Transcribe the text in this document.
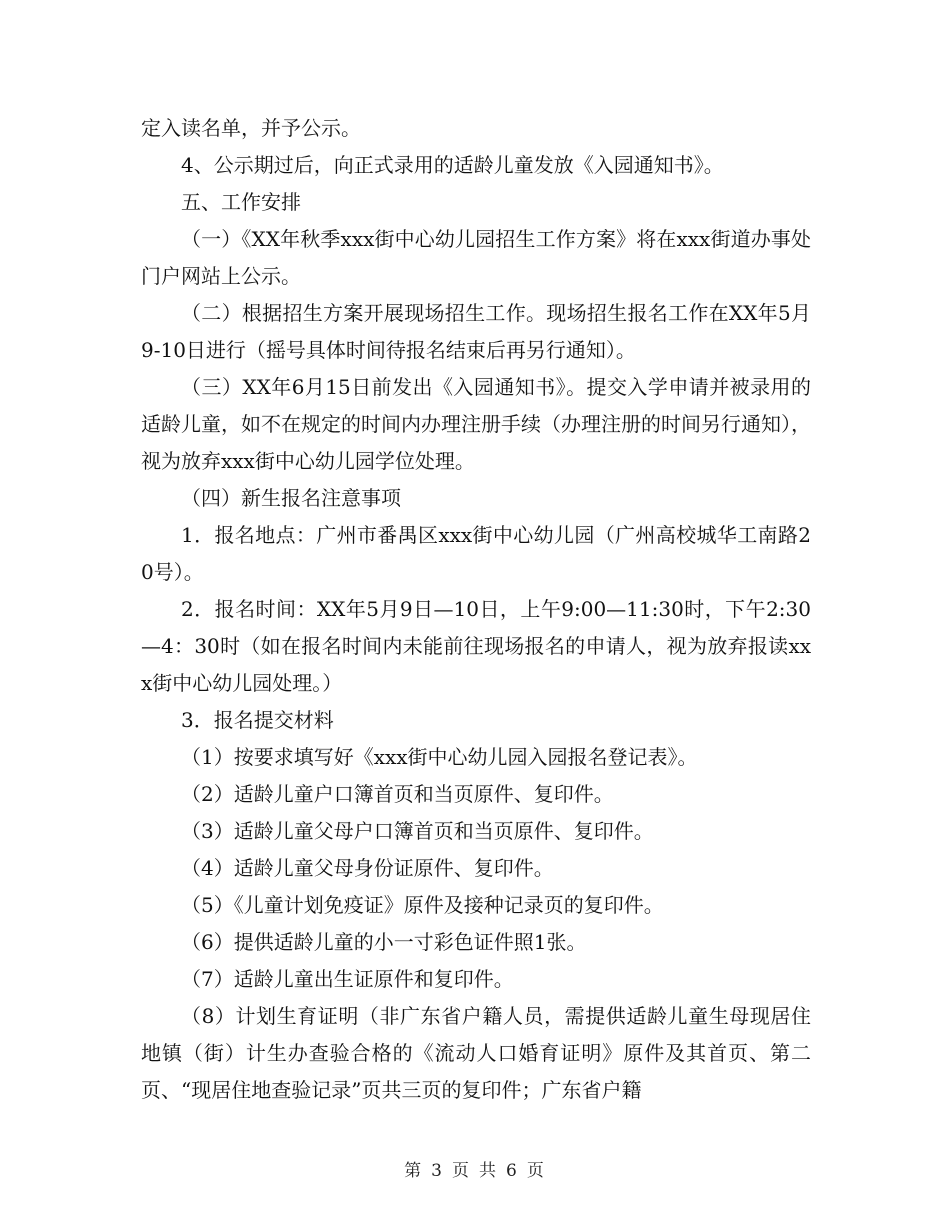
定入读名单，并予公示。

4、公示期过后，向正式录用的适龄儿童发放《入园通知书》。

五、工作安排

（一）《XX年秋季xxx街中心幼儿园招生工作方案》将在xxx街道办事处门户网站上公示。

（二）根据招生方案开展现场招生工作。现场招生报名工作在XX年5月9-10日进行（摇号具体时间待报名结束后再另行通知）。

（三）XX年6月15日前发出《入园通知书》。提交入学申请并被录用的适龄儿童，如不在规定的时间内办理注册手续（办理注册的时间另行通知），视为放弃xxx街中心幼儿园学位处理。

（四）新生报名注意事项

1．报名地点：广州市番禺区xxx街中心幼儿园（广州高校城华工南路20号）。

2．报名时间：XX年5月9日—10日，上午9:00—11:30时，下午2:30—4：30时（如在报名时间内未能前往现场报名的申请人，视为放弃报读xxx街中心幼儿园处理。）

3．报名提交材料

（1）按要求填写好《xxx街中心幼儿园入园报名登记表》。

（2）适龄儿童户口簿首页和当页原件、复印件。

（3）适龄儿童父母户口簿首页和当页原件、复印件。

（4）适龄儿童父母身份证原件、复印件。

（5）《儿童计划免疫证》原件及接种记录页的复印件。

（6）提供适龄儿童的小一寸彩色证件照1张。

（7）适龄儿童出生证原件和复印件。

（8）计划生育证明（非广东省户籍人员，需提供适龄儿童生母现居住地镇（街）计生办查验合格的《流动人口婚育证明》原件及其首页、第二页、“现居住地查验记录”页共三页的复印件；广东省户籍

第 3 页 共 6 页
